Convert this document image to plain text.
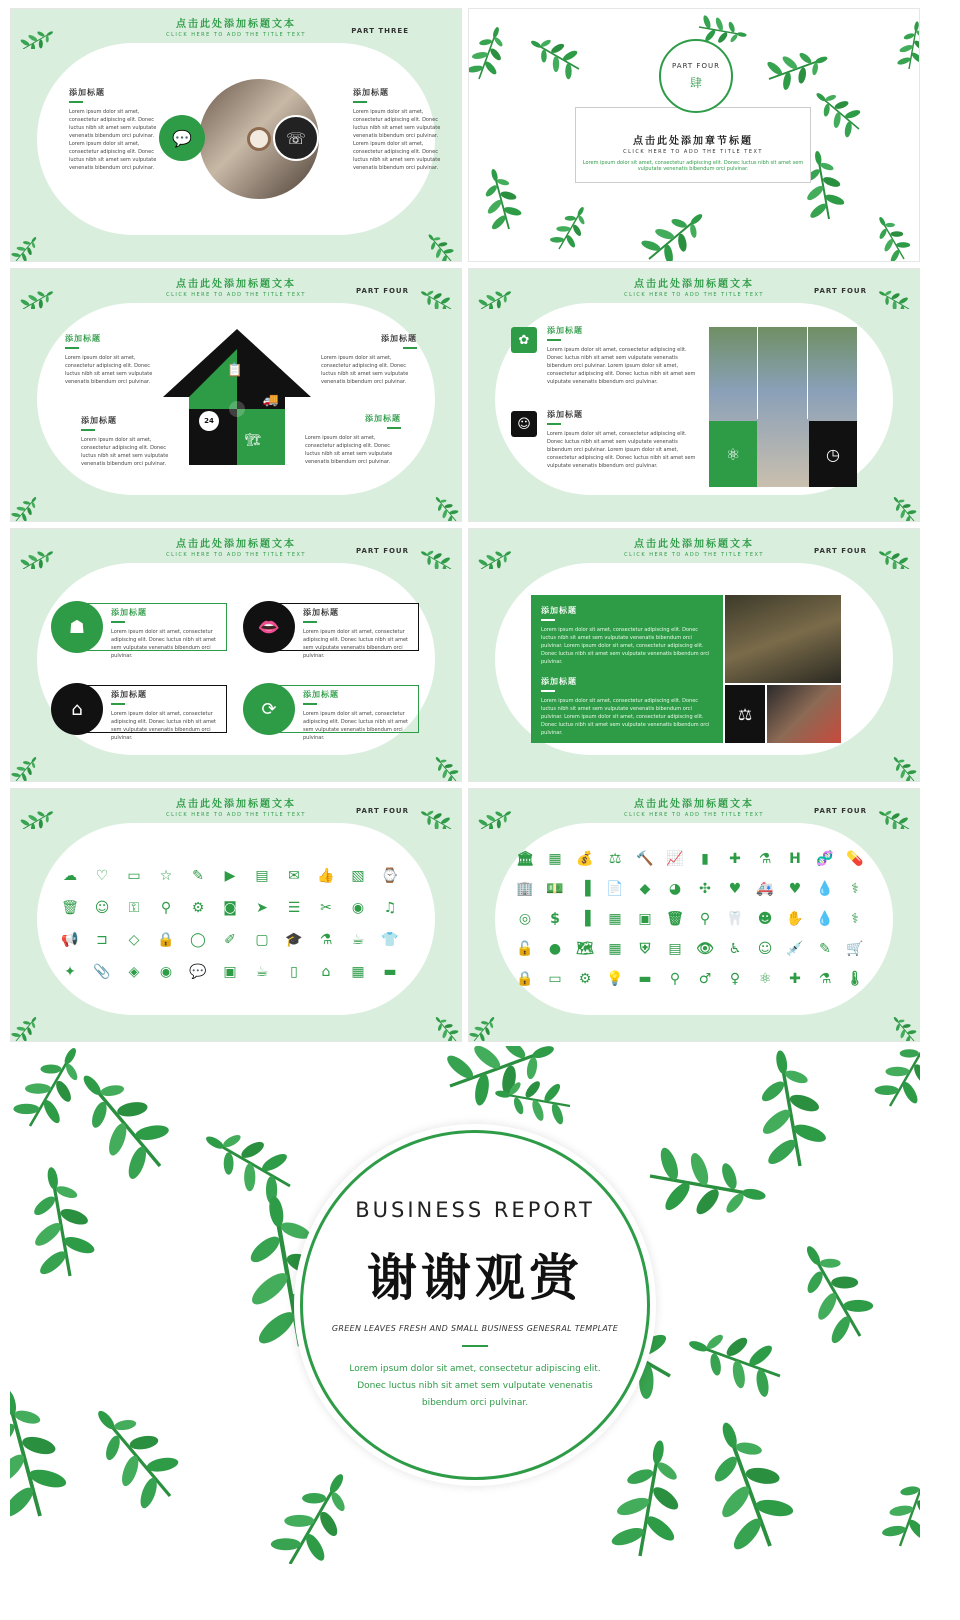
点击此处添加标题文本
CLICK HERE TO ADD THE TITLE TEXT	PART THREE
添加标题
Lorem ipsum dolor sit amet, consectetur adipiscing elit. Donec luctus nibh sit amet sem vulputate venenatis bibendum orci pulvinar. Lorem ipsum dolor sit amet, consectetur adipiscing elit. Donec luctus nibh sit amet sem vulputate venenatis bibendum orci pulvinar.
💬	☏
添加标题
Lorem ipsum dolor sit amet, consectetur adipiscing elit. Donec luctus nibh sit amet sem vulputate venenatis bibendum orci pulvinar. Lorem ipsum dolor sit amet, consectetur adipiscing elit. Donec luctus nibh sit amet sem vulputate venenatis bibendum orci pulvinar.
点击此处添加章节标题
CLICK HERE TO ADD THE TITLE TEXT
Lorem ipsum dolor sit amet, consectetur adipiscing elit. Donec luctus nibh sit amet sem vulputate venenatis bibendum orci pulvinar.
PART FOUR
肆
点击此处添加标题文本
CLICK HERE TO ADD THE TITLE TEXT	PART FOUR
添加标题
Lorem ipsum dolor sit amet, consectetur adipiscing elit. Donec luctus nibh sit amet sem vulputate venenatis bibendum orci pulvinar.
添加标题
Lorem ipsum dolor sit amet, consectetur adipiscing elit. Donec luctus nibh sit amet sem vulputate venenatis bibendum orci pulvinar.
添加标题
Lorem ipsum dolor sit amet, consectetur adipiscing elit. Donec luctus nibh sit amet sem vulputate venenatis bibendum orci pulvinar.
添加标题
Lorem ipsum dolor sit amet, consectetur adipiscing elit. Donec luctus nibh sit amet sem vulputate venenatis bibendum orci pulvinar.
📋
🚚
24
🏗
点击此处添加标题文本
CLICK HERE TO ADD THE TITLE TEXT	PART FOUR
✿
添加标题
Lorem ipsum dolor sit amet, consectetur adipiscing elit. Donec luctus nibh sit amet sem vulputate venenatis bibendum orci pulvinar. Lorem ipsum dolor sit amet, consectetur adipiscing elit. Donec luctus nibh sit amet sem vulputate venenatis bibendum orci pulvinar.
☺
添加标题
Lorem ipsum dolor sit amet, consectetur adipiscing elit. Donec luctus nibh sit amet sem vulputate venenatis bibendum orci pulvinar. Lorem ipsum dolor sit amet, consectetur adipiscing elit. Donec luctus nibh sit amet sem vulputate venenatis bibendum orci pulvinar.
⚛	◷
点击此处添加标题文本
CLICK HERE TO ADD THE TITLE TEXT	PART FOUR
☗
添加标题
Lorem ipsum dolor sit amet, consectetur adipiscing elit. Donec luctus nibh sit amet sem vulputate venenatis bibendum orci pulvinar.
👄
添加标题
Lorem ipsum dolor sit amet, consectetur adipiscing elit. Donec luctus nibh sit amet sem vulputate venenatis bibendum orci pulvinar.
⌂
添加标题
Lorem ipsum dolor sit amet, consectetur adipiscing elit. Donec luctus nibh sit amet sem vulputate venenatis bibendum orci pulvinar.
⟳
添加标题
Lorem ipsum dolor sit amet, consectetur adipiscing elit. Donec luctus nibh sit amet sem vulputate venenatis bibendum orci pulvinar.
点击此处添加标题文本
CLICK HERE TO ADD THE TITLE TEXT	PART FOUR
添加标题
Lorem ipsum dolor sit amet, consectetur adipiscing elit. Donec luctus nibh sit amet sem vulputate venenatis bibendum orci pulvinar. Lorem ipsum dolor sit amet, consectetur adipiscing elit. Donec luctus nibh sit amet sem vulputate venenatis bibendum orci pulvinar.
添加标题
Lorem ipsum dolor sit amet, consectetur adipiscing elit. Donec luctus nibh sit amet sem vulputate venenatis bibendum orci pulvinar. Lorem ipsum dolor sit amet, consectetur adipiscing elit. Donec luctus nibh sit amet sem vulputate venenatis bibendum orci pulvinar.
⚖
点击此处添加标题文本
CLICK HERE TO ADD THE TITLE TEXT	PART FOUR
☁ ♡ ▭ ☆ ✎ ▶ ▤ ✉ 👍 ▧ ⌚
🗑 ☺ ⚿ ⚲ ⚙ ◙ ➤ ☰ ✂ ◉ ♫
📢 ⊐ ◇ 🔒 ◯ ✐ ▢ 🎓 ⚗ ☕ 👕
✦ 📎 ◈ ◉ 💬 ▣ ☕	▯	⌂	▦ ▬
点击此处添加标题文本
CLICK HERE TO ADD THE TITLE TEXT	PART FOUR
🏛 ▦ 💰 ⚖ 🔨 📈	▮	✚ ⚗ H 🧬 💊
🏢 💵	▐	📄	◆	◕ ✣ ♥ 🚑 ♥ 💧	⚕
◎	$	▐	▦ ▣ 🗑	⚲	🦷 ☻ ✋ 💧	⚕
🔓 ● 🗺 ▦	⛨	▤ 👁 ♿ ☺ 💉 ✎ 🛒
🔒 ▭ ⚙ 💡 ▬	⚲	♂	♀	⚛ ✚ ⚗ 🌡
BUSINESS REPORT
谢谢观赏
GREEN LEAVES FRESH AND SMALL BUSINESS GENESRAL TEMPLATE
Lorem ipsum dolor sit amet, consectetur adipiscing elit.
Donec luctus nibh sit amet sem vulputate venenatis
bibendum orci pulvinar.
